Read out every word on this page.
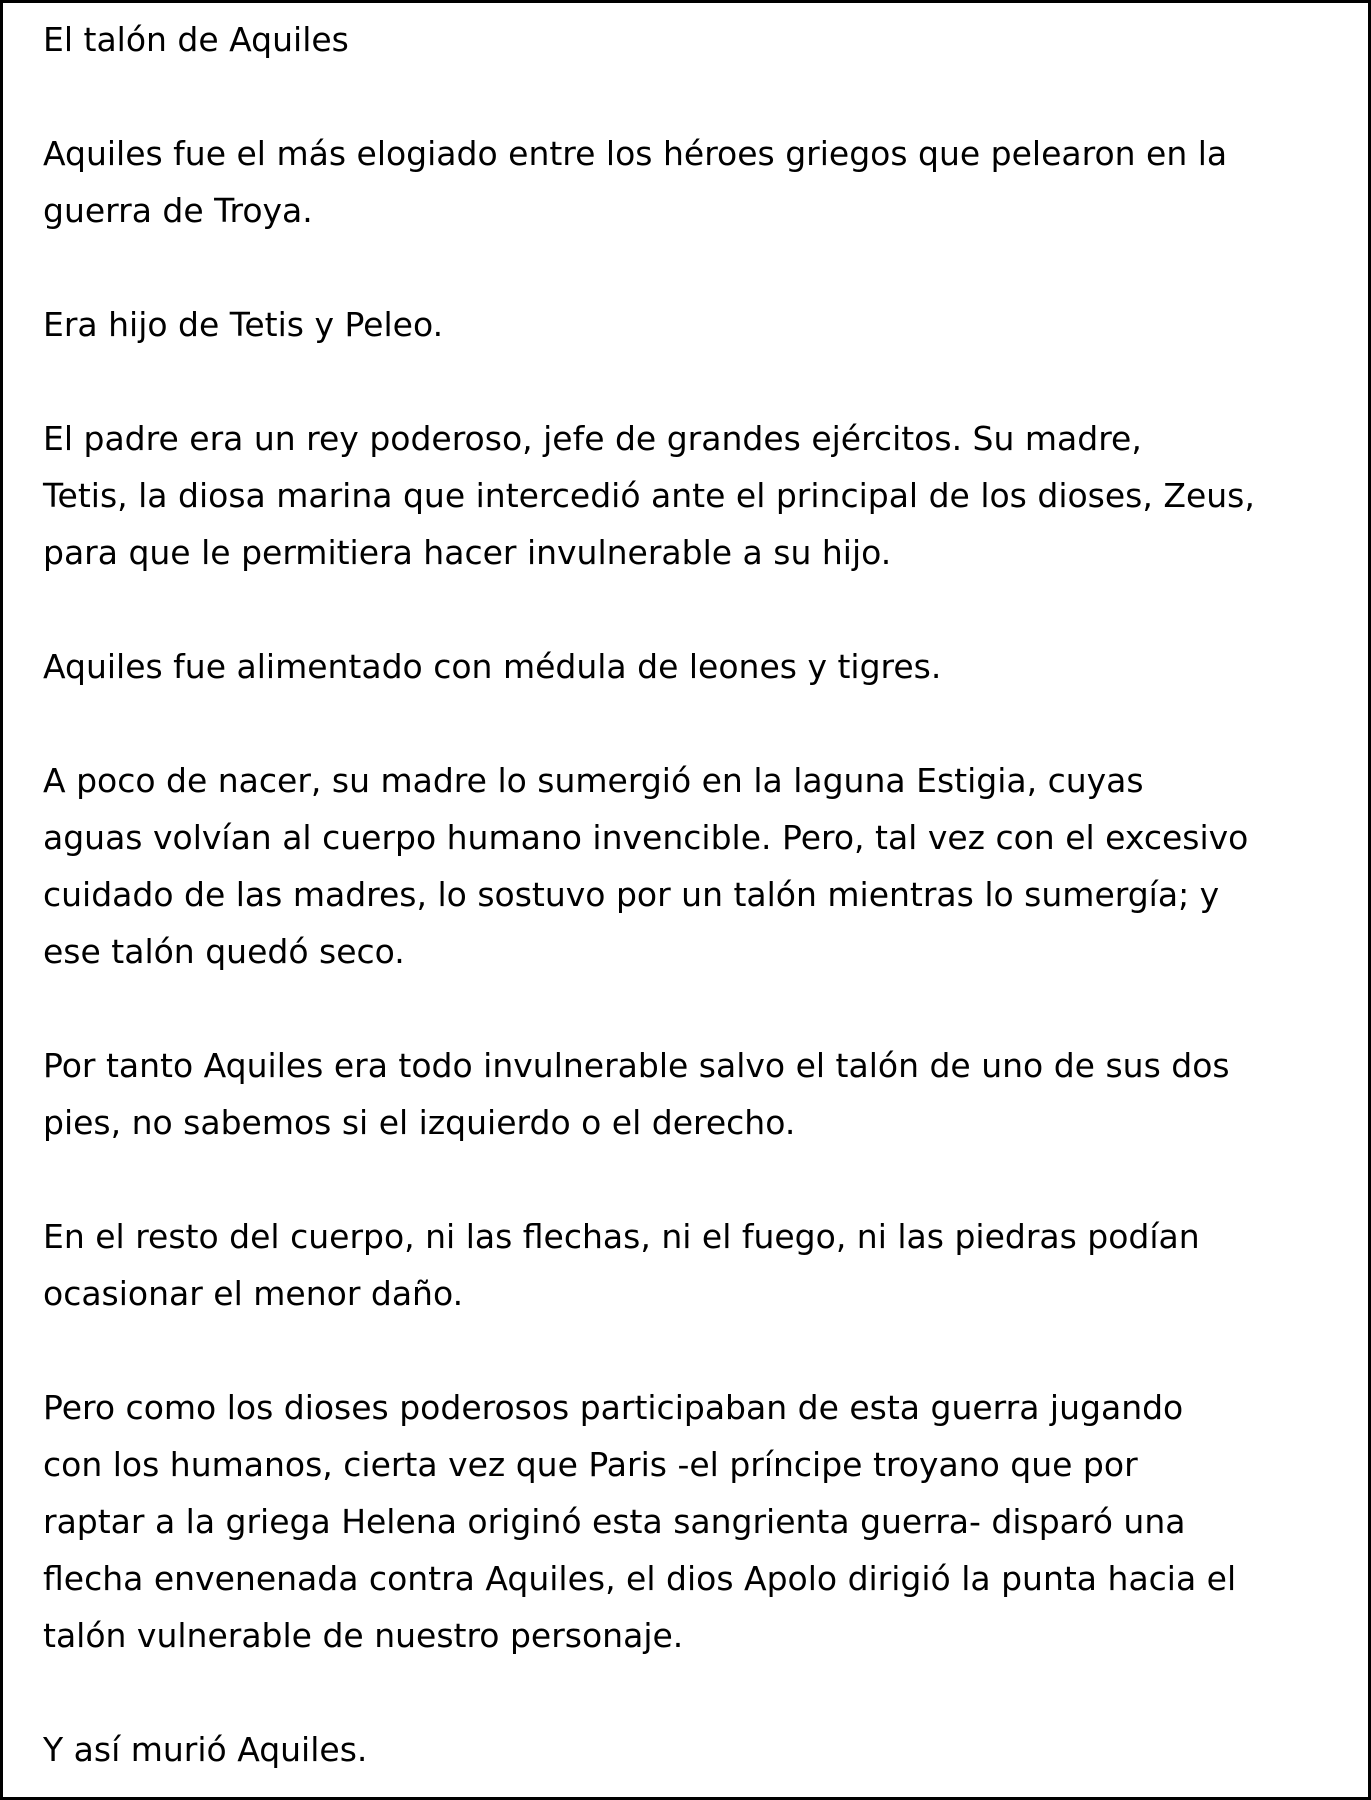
El talón de Aquiles
Aquiles fue el más elogiado entre los héroes griegos que pelearon en la
guerra de Troya.
Era hijo de Tetis y Peleo.
El padre era un rey poderoso, jefe de grandes ejércitos. Su madre,
Tetis, la diosa marina que intercedió ante el principal de los dioses, Zeus,
para que le permitiera hacer invulnerable a su hijo.
Aquiles fue alimentado con médula de leones y tigres.
A poco de nacer, su madre lo sumergió en la laguna Estigia, cuyas
aguas volvían al cuerpo humano invencible. Pero, tal vez con el excesivo
cuidado de las madres, lo sostuvo por un talón mientras lo sumergía; y
ese talón quedó seco.
Por tanto Aquiles era todo invulnerable salvo el talón de uno de sus dos
pies, no sabemos si el izquierdo o el derecho.
En el resto del cuerpo, ni las flechas, ni el fuego, ni las piedras podían
ocasionar el menor daño.
Pero como los dioses poderosos participaban de esta guerra jugando
con los humanos, cierta vez que Paris -el príncipe troyano que por
raptar a la griega Helena originó esta sangrienta guerra- disparó una
flecha envenenada contra Aquiles, el dios Apolo dirigió la punta hacia el
talón vulnerable de nuestro personaje.
Y así murió Aquiles.
